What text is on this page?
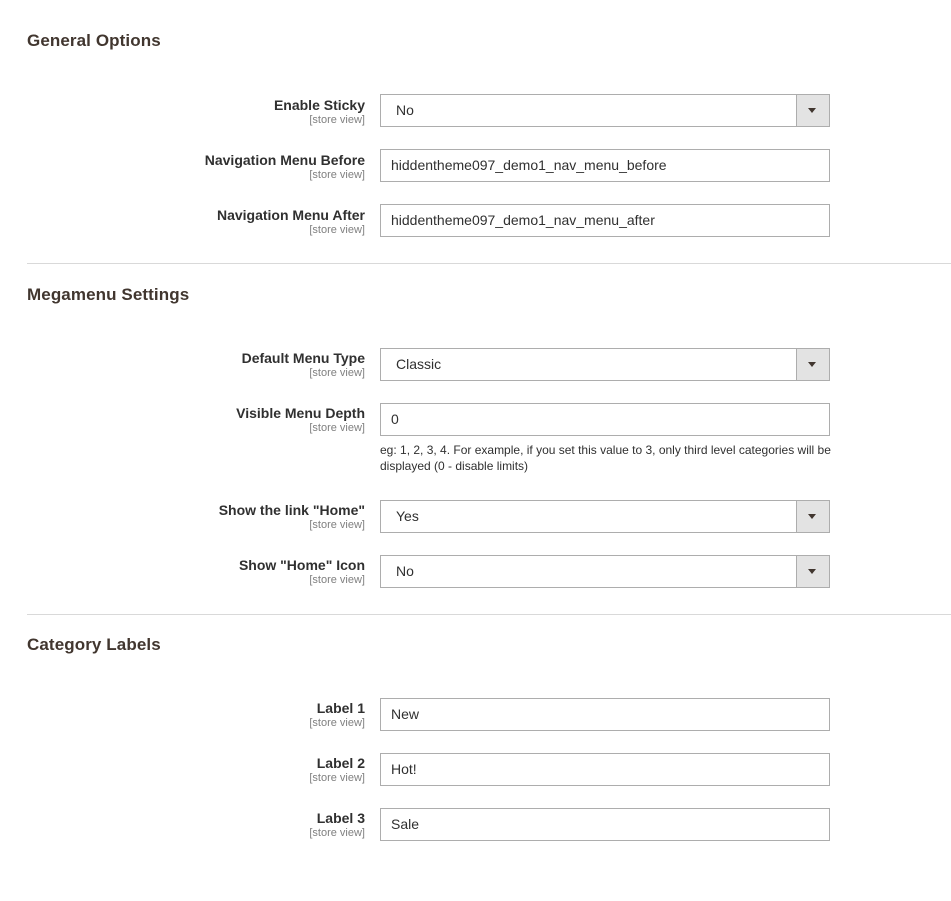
General Options
Enable Sticky
[store view]
No
Navigation Menu Before
[store view]
hiddentheme097_demo1_nav_menu_before
Navigation Menu After
[store view]
hiddentheme097_demo1_nav_menu_after
Megamenu Settings
Default Menu Type
[store view]
Classic
Visible Menu Depth
[store view]
eg: 1, 2, 3, 4. For example, if you set this value to 3, only third level categories will be displayed (0 - disable limits)
0
Show the link "Home"
[store view]
Yes
Show "Home" Icon
[store view]
No
Category Labels
Label 1
[store view]
New
Label 2
[store view]
Hot!
Label 3
[store view]
Sale
